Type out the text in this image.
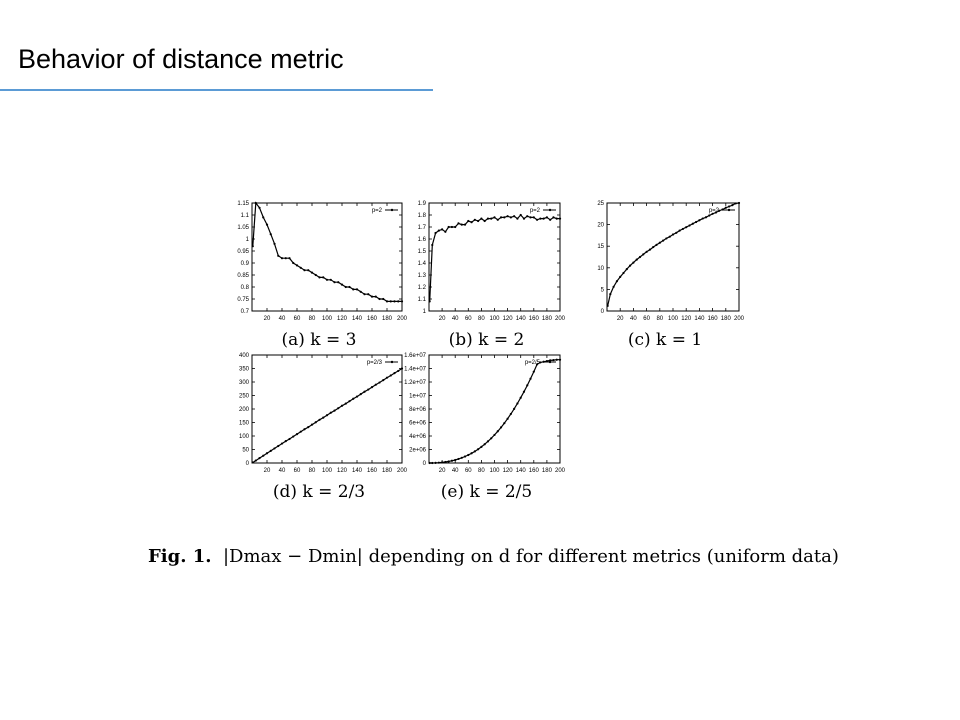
Behavior of distance metric
0.7
0.75
0.8
0.85
0.9
0.95
1
1.05
1.1
1.15
20 40 60 80 100 120 140 160 180 200
p=2
(a) k = 3
1
1.1
1.2
1.3
1.4
1.5
1.6
1.7
1.8
1.9
20 40 60 80 100 120 140 160 180 200
p=2
(b) k = 2
0
5
10
15
20
25
20 40 60 80 100 120 140 160 180 200
p=2
(c) k = 1
0
50
100
150
200
250
300
350
400
20 40 60 80 100 120 140 160 180 200
p=2/3
(d) k = 2/3
0
2e+06
4e+06
6e+06
8e+06
1e+07
1.2e+07
1.4e+07
1.6e+07
20 40 60 80 100 120 140 160 180 200
p=2/5
(e) k = 2/5
Fig. 1. |Dmax − Dmin| depending on d for different metrics (uniform data)
